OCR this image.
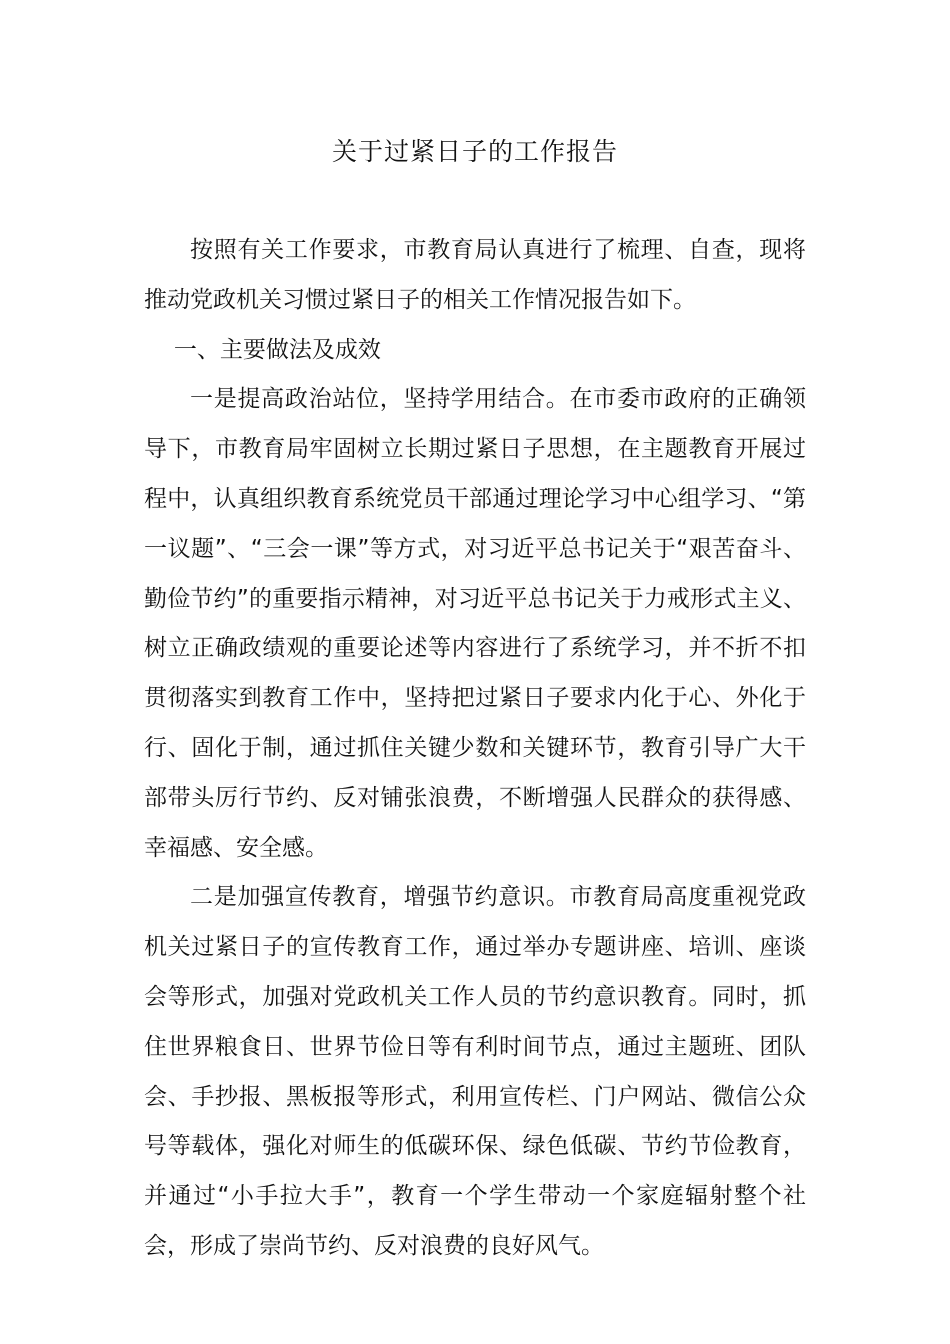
关于过紧日子的工作报告

按照有关工作要求，市教育局认真进行了梳理、自查，现将推动党政机关习惯过紧日子的相关工作情况报告如下。

一、主要做法及成效

一是提高政治站位，坚持学用结合。在市委市政府的正确领导下，市教育局牢固树立长期过紧日子思想，在主题教育开展过程中，认真组织教育系统党员干部通过理论学习中心组学习、“第一议题”、“三会一课”等方式，对习近平总书记关于“艰苦奋斗、勤俭节约”的重要指示精神，对习近平总书记关于力戒形式主义、树立正确政绩观的重要论述等内容进行了系统学习，并不折不扣贯彻落实到教育工作中，坚持把过紧日子要求内化于心、外化于行、固化于制，通过抓住关键少数和关键环节，教育引导广大干部带头厉行节约、反对铺张浪费，不断增强人民群众的获得感、幸福感、安全感。

二是加强宣传教育，增强节约意识。市教育局高度重视党政机关过紧日子的宣传教育工作，通过举办专题讲座、培训、座谈会等形式，加强对党政机关工作人员的节约意识教育。同时，抓住世界粮食日、世界节俭日等有利时间节点，通过主题班、团队会、手抄报、黑板报等形式，利用宣传栏、门户网站、微信公众号等载体，强化对师生的低碳环保、绿色低碳、节约节俭教育，并通过“小手拉大手”，教育一个学生带动一个家庭辐射整个社会，形成了崇尚节约、反对浪费的良好风气。
